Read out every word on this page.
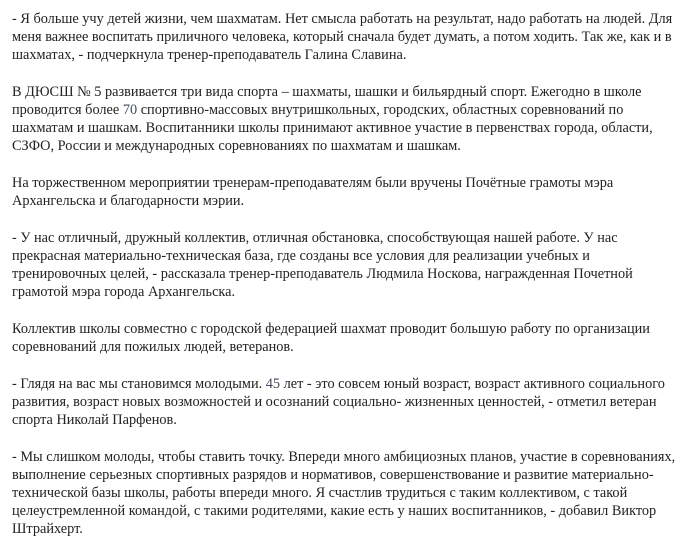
- Я больше учу детей жизни, чем шахматам. Нет смысла работать на результат, надо работать на людей. Для меня важнее воспитать приличного человека, который сначала будет думать, а потом ходить. Так же, как и в шахматах, - подчеркнула тренер-преподаватель Галина Славина.

В ДЮСШ № 5 развивается три вида спорта – шахматы, шашки и бильярдный спорт. Ежегодно в школе проводится более 70 спортивно-массовых внутришкольных, городских, областных соревнований по шахматам и шашкам. Воспитанники школы принимают активное участие в первенствах города, области, СЗФО, России и международных соревнованиях по шахматам и шашкам.

На торжественном мероприятии тренерам-преподавателям были вручены Почётные грамоты мэра Архангельска и благодарности мэрии.

- У нас отличный, дружный коллектив, отличная обстановка, способствующая нашей работе. У нас прекрасная материально-техническая база, где созданы все условия для реализации учебных и тренировочных целей, - рассказала тренер-преподаватель Людмила Носкова, награжденная Почетной грамотой мэра города Архангельска.

Коллектив школы совместно с городской федерацией шахмат проводит большую работу по организации соревнований для пожилых людей, ветеранов.

- Глядя на вас мы становимся молодыми. 45 лет - это совсем юный возраст, возраст активного социального развития, возраст новых возможностей и осознаний социально- жизненных ценностей, - отметил ветеран спорта Николай Парфенов.

- Мы слишком молоды, чтобы ставить точку. Впереди много амбициозных планов, участие в соревнованиях, выполнение серьезных спортивных разрядов и нормативов, совершенствование и развитие материально-технической базы школы, работы впереди много. Я счастлив трудиться с таким коллективом, с такой целеустремленной командой, с такими родителями, какие есть у наших воспитанников, - добавил Виктор Штрайхерт.
